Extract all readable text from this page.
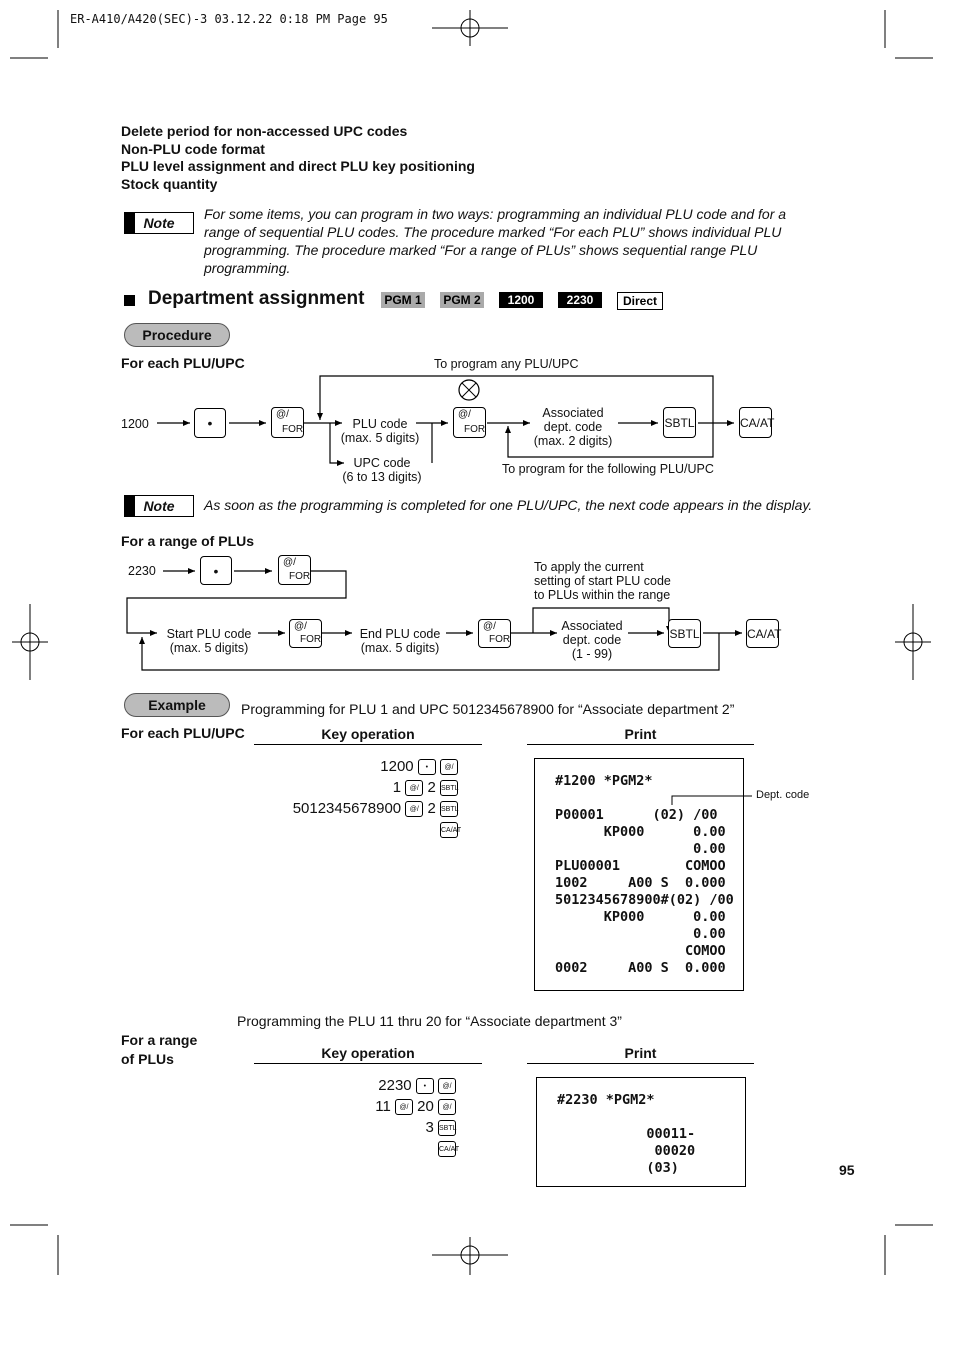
ER-A410/A420(SEC)-3 03.12.22 0:18 PM Page 95
Delete period for non-accessed UPC codes
Non-PLU code format
PLU level assignment and direct PLU key positioning
Stock quantity
Note
For some items, you can program in two ways: programming an individual PLU code and for a
range of sequential PLU codes. The procedure marked “For each PLU” shows individual PLU
programming. The procedure marked “For a range of PLUs” shows sequential range PLU
programming.
Department assignment PGM 1 PGM 2	1200	2230	Direct
Procedure
For each PLU/UPC
1200
To program any PLU/UPC
•
@/
FOR	PLU code
(max. 5 digits)
UPC code
(6 to 13 digits)
@/
FOR
Associated
dept. code
(max. 2 digits)
To program for the following PLU/UPC
SBTL	CA/AT
Note As soon as the programming is completed for one PLU/UPC, the next code appears in the display.
For a range of PLUs
2230
•
@/
FOR
To apply the current
setting of start PLU code
to PLUs within the range
Start PLU code
(max. 5 digits)
@/
FOR	End PLU code
(max. 5 digits)
@/
FOR
Associated
dept. code
(1 - 99)
SBTL	CA/AT
Example	Programming for PLU 1 and UPC 5012345678900 for “Associate department 2”
For each PLU/UPC	Key operation	Print
1200 • @/
1 @/ 2 SBTL
5012345678900 @/ 2 SBTL
CA/AT
#1200 *PGM2*

P00001      (02) /00
KP000      0.00
0.00
PLU00001        COMOO
1002     A00 S  0.000
5012345678900#(02) /00
KP000      0.00
0.00
COMOO
0002     A00 S  0.000
Dept. code
Programming the PLU 11 thru 20 for “Associate department 3”
For a range
of PLUs	Key operation	Print
2230 • @/
11 @/ 20 @/
3 SBTL
CA/AT
#2230 *PGM2*

00011-
00020
(03)	95
